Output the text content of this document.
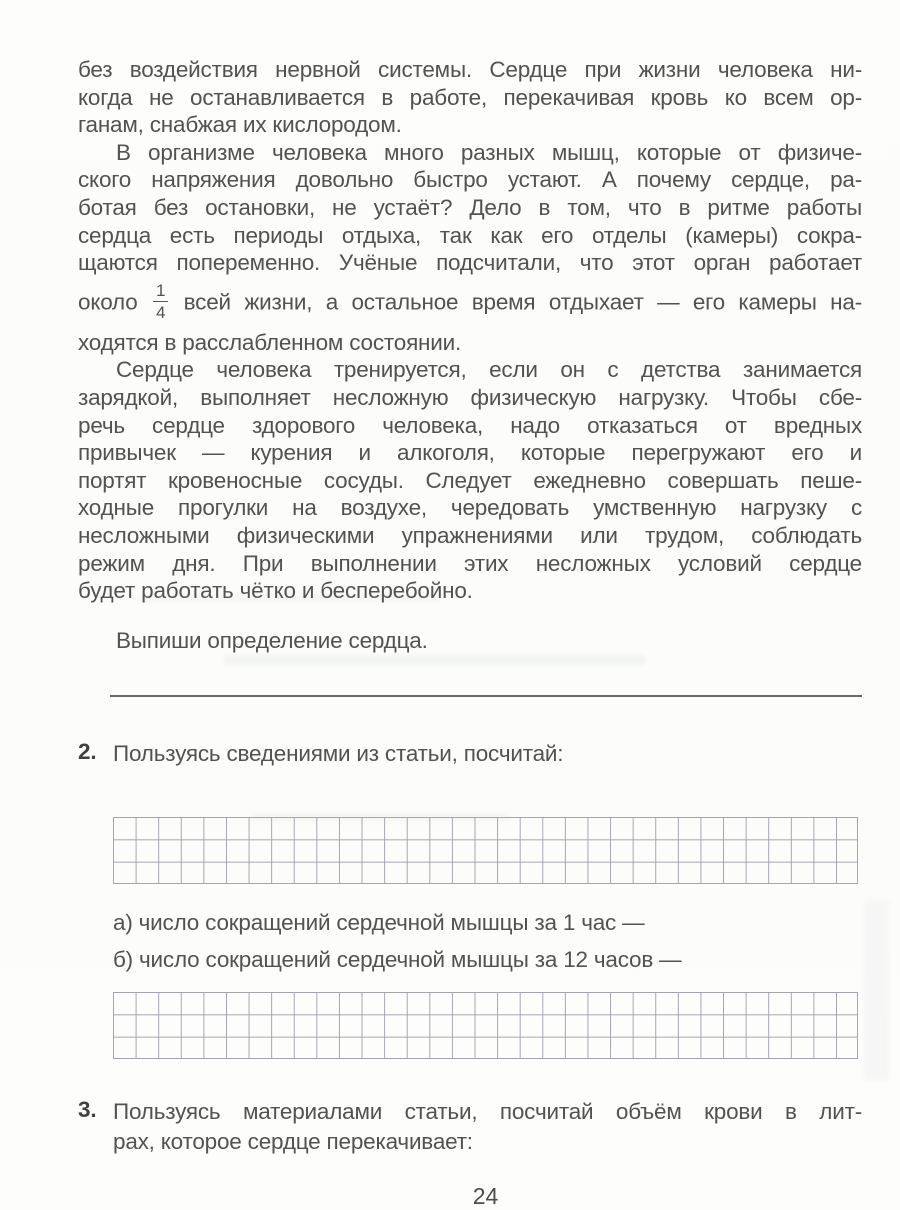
без воздействия нервной системы. Сердце при жизни человека ни-
когда не останавливается в работе, перекачивая кровь ко всем ор-
ганам, снабжая их кислородом.
В организме человека много разных мышц, которые от физиче-
ского напряжения довольно быстро устают. А почему сердце, ра-
ботая без остановки, не устаёт? Дело в том, что в ритме работы
сердца есть периоды отдыха, так как его отделы (камеры) сокра-
щаются попеременно. Учёные подсчитали, что этот орган работает
около $\frac{1}{4}$ всей жизни, а остальное время отдыхает — его камеры на-
ходятся в расслабленном состоянии.
Сердце человека тренируется, если он с детства занимается
зарядкой, выполняет несложную физическую нагрузку. Чтобы сбе-
речь сердце здорового человека, надо отказаться от вредных
привычек — курения и алкоголя, которые перегружают его и
портят кровеносные сосуды. Следует ежедневно совершать пеше-
ходные прогулки на воздухе, чередовать умственную нагрузку с
несложными физическими упражнениями или трудом, соблюдать
режим дня. При выполнении этих несложных условий сердце
будет работать чётко и бесперебойно.
Выпиши определение сердца.
2. Пользуясь сведениями из статьи, посчитай:
а) число сокращений сердечной мышцы за 1 час —
б) число сокращений сердечной мышцы за 12 часов —
3. Пользуясь материалами статьи, посчитай объём крови в лит-
рах, которое сердце перекачивает:
24
